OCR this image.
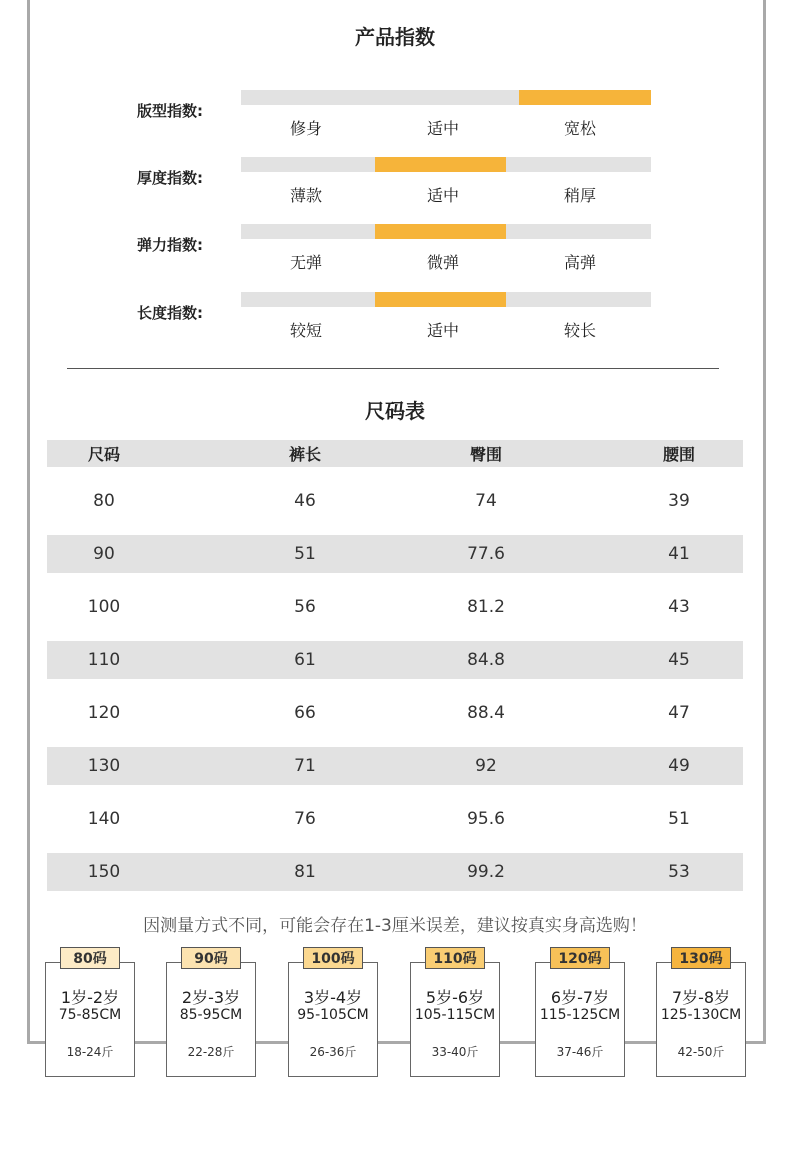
产品指数
版型指数:
修身	适中	宽松
厚度指数:
薄款	适中	稍厚
弹力指数:
无弹	微弹	高弹
长度指数:
较短	适中	较长
尺码表
尺码	裤长	臀围	腰围
80	46	74	39
90	51	77.6	41
100	56	81.2	43
110	61	84.8	45
120	66	88.4	47
130	71	92	49
140	76	95.6	51
150	81	99.2	53
因测量方式不同，可能会存在1-3厘米误差，建议按真实身高选购！
1岁-2岁
75-85CM
18-24斤
80码
2岁-3岁
85-95CM
22-28斤
90码
3岁-4岁
95-105CM
26-36斤
100码
5岁-6岁
105-115CM
33-40斤
110码
6岁-7岁
115-125CM
37-46斤
120码
7岁-8岁
125-130CM
42-50斤
130码
